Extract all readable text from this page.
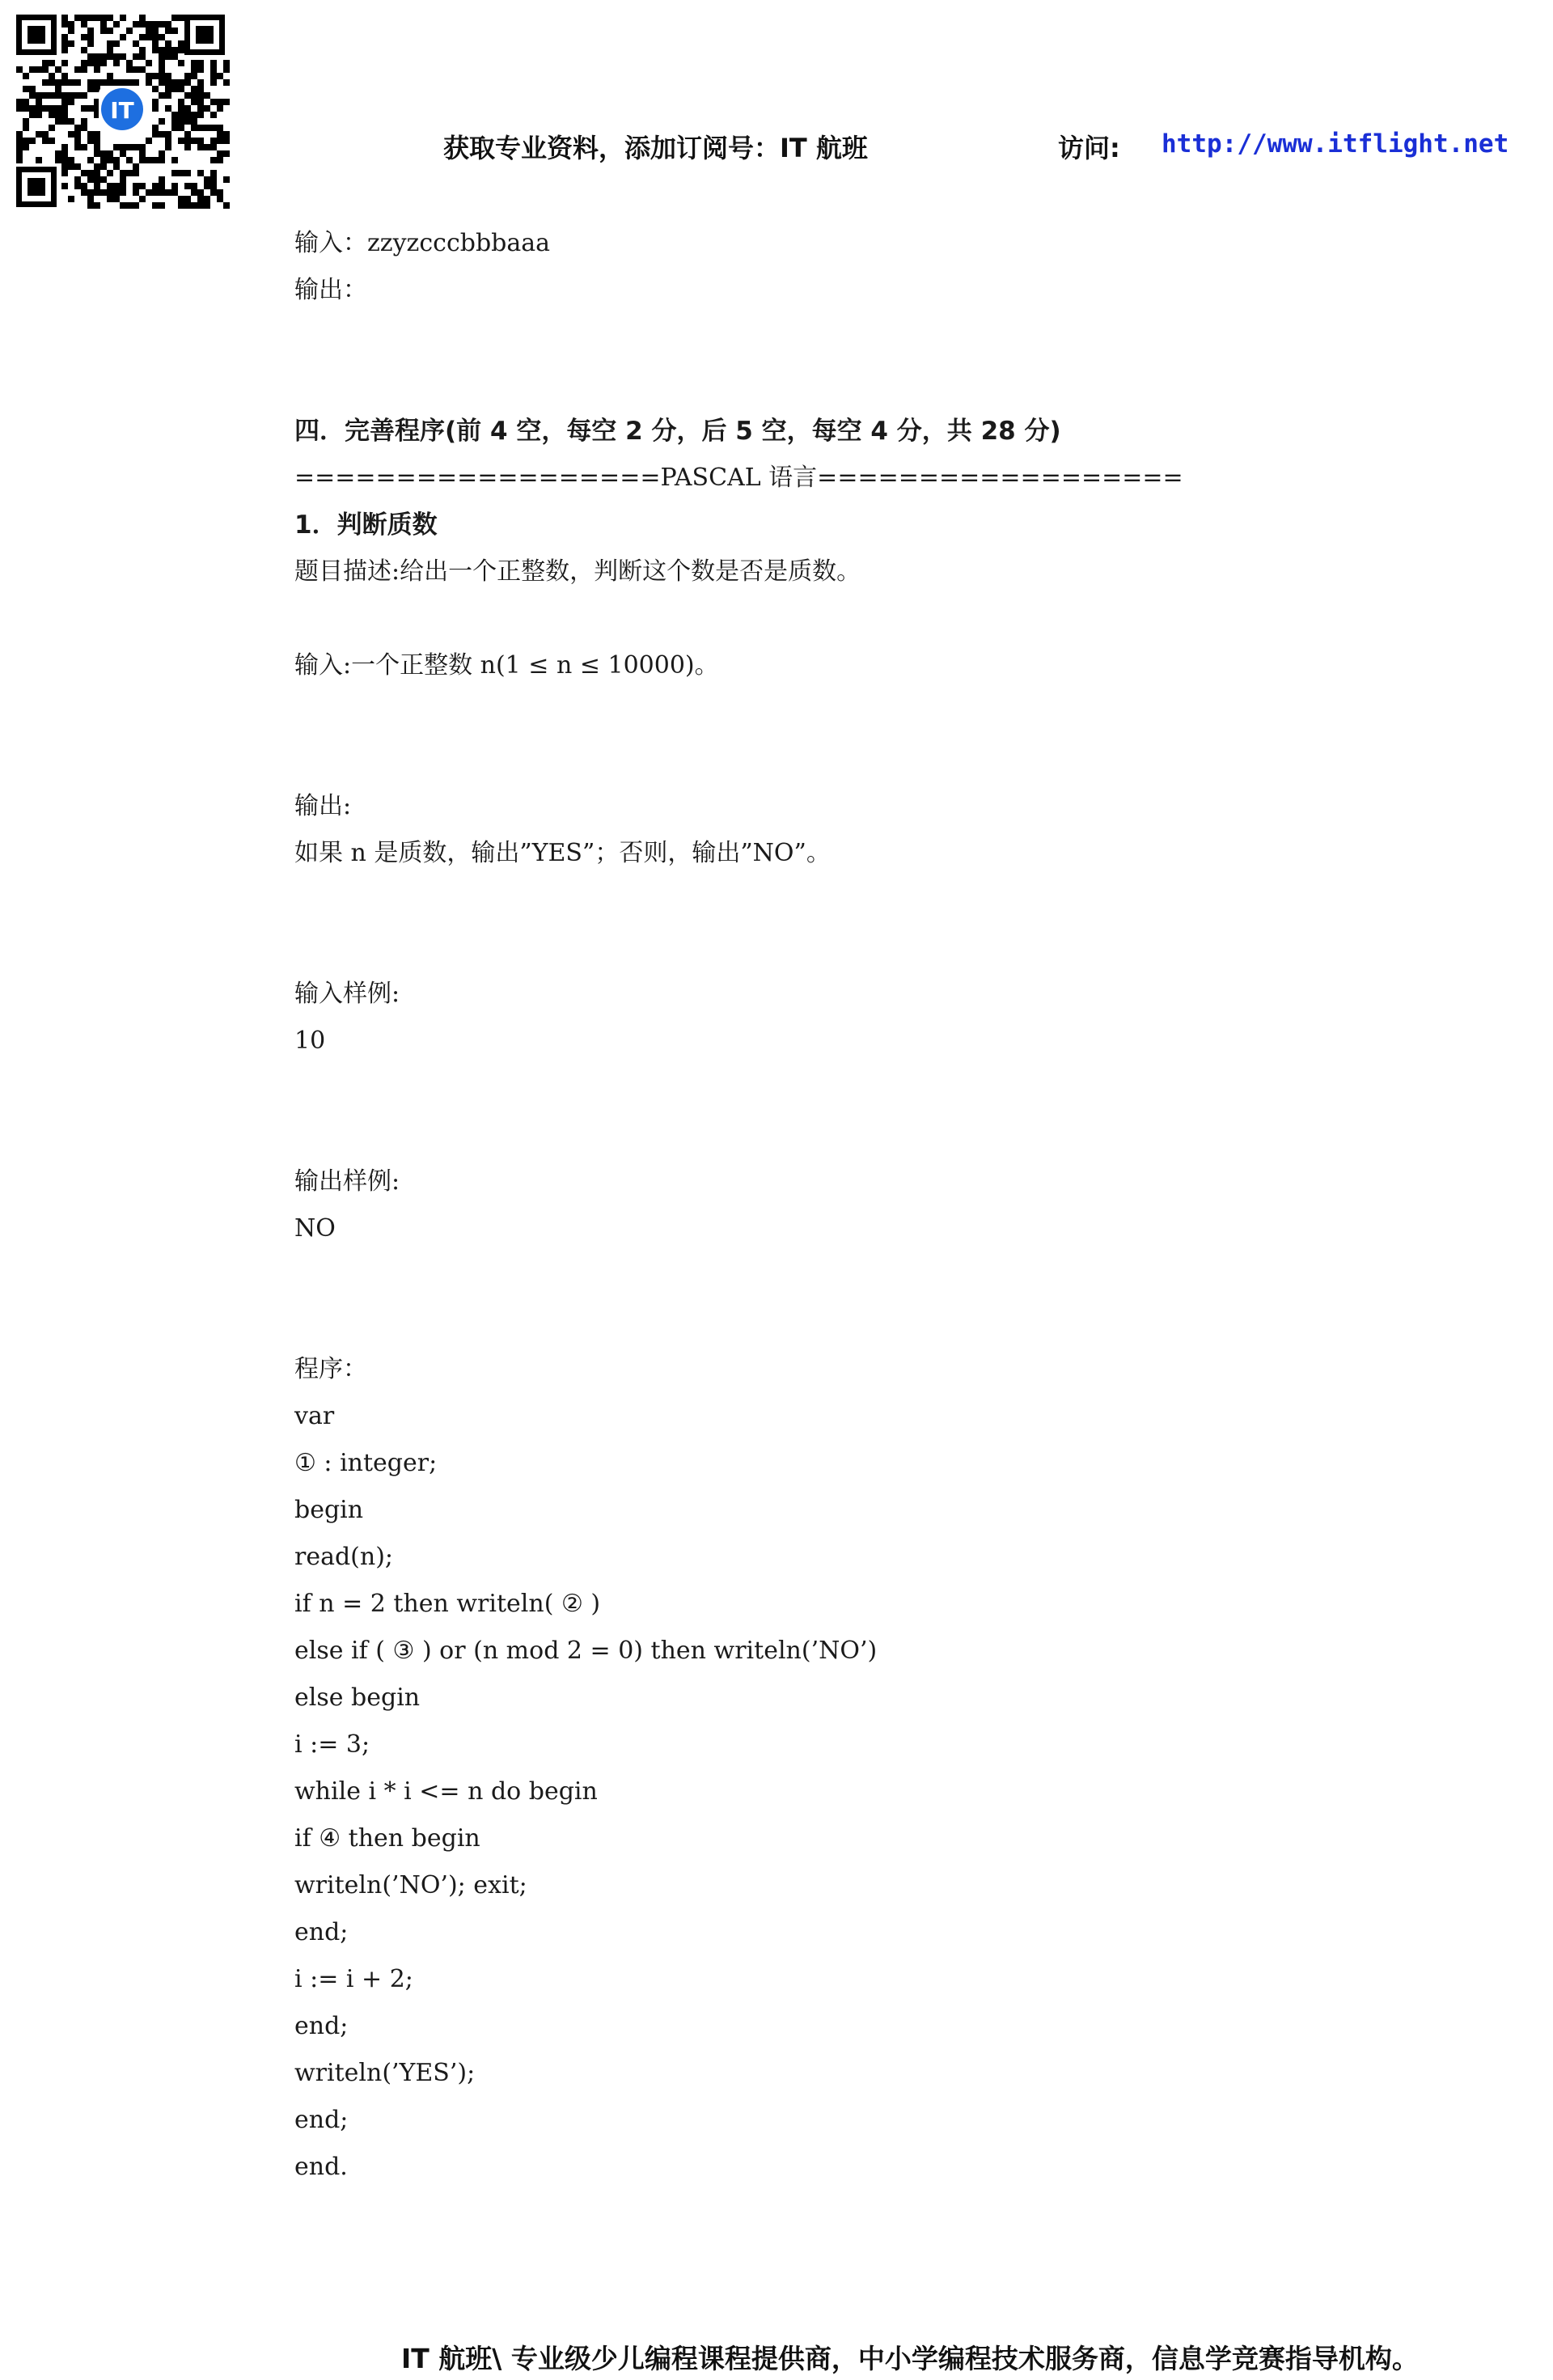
IT
获取专业资料，添加订阅号：IT 航班	访问: http://www.itflight.net
输入：zzyzcccbbbaaa
输出：
四．完善程序(前 4 空，每空 2 分，后 5 空，每空 4 分，共 28 分)
==================PASCAL 语言==================
1．判断质数
题目描述:给出一个正整数，判断这个数是否是质数。
输入:一个正整数 n(1 ≤ n ≤ 10000)。
输出:
如果 n 是质数，输出”YES”；否则，输出”NO”。
输入样例:
10
输出样例:
NO
程序：
var
① : integer;
begin
read(n);
if n = 2 then writeln( ② )
else if ( ③ ) or (n mod 2 = 0) then writeln(’NO’)
else begin
i := 3;
while i * i <= n do begin
if ④ then begin
writeln(’NO’); exit;
end;
i := i + 2;
end;
writeln(’YES’);
end;
end.
IT 航班\ 专业级少儿编程课程提供商，中小学编程技术服务商，信息学竞赛指导机构。
